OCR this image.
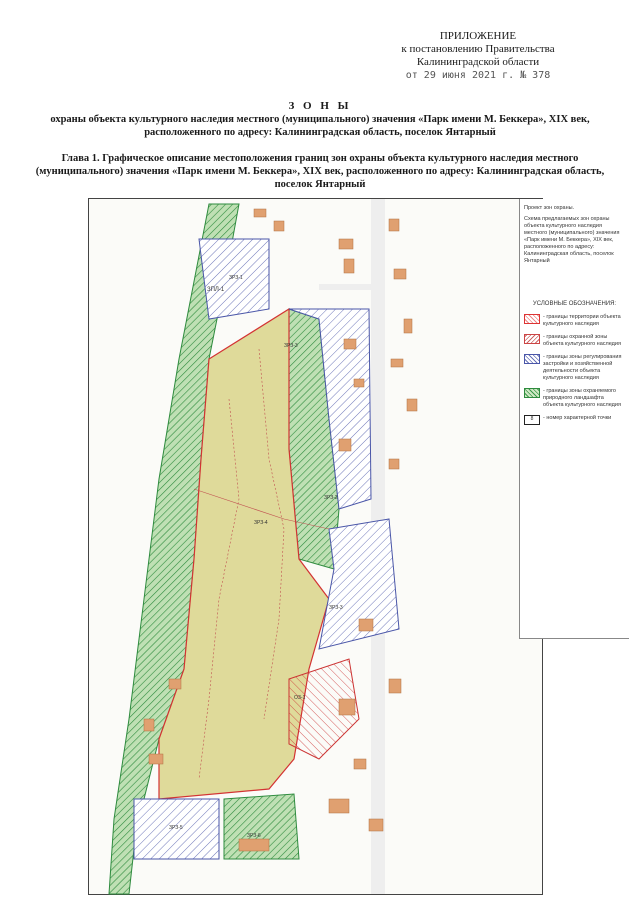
ПРИЛОЖЕНИЕ
к постановлению Правительства
Калининградской области
от 29 июня 2021 г. № 378
З О Н Ы
охраны объекта культурного наследия местного (муниципального) значения «Парк имени М. Беккера», XIX век, расположенного по адресу: Калининградская область, поселок Янтарный
Глава 1. Графическое описание местоположения границ зон охраны объекта культурного наследия местного (муниципального) значения «Парк имени М. Беккера», XIX век, расположенного по адресу: Калининградская область, поселок Янтарный
ЗПЛ-1
ЗРЗ-1
ЗРЗ-3
ЗРЗ-2
ЗРЗ-4
ЗРЗ-3
ОЗ-1
ЗРЗ-5
ЗРЗ-6

Проект зон охраны.

Схема предлагаемых зон охраны объекта культурного наследия местного (муниципального) значения «Парк имени М. Беккера», XIX век, расположенного по адресу: Калининградская область, поселок Янтарный

УСЛОВНЫЕ ОБОЗНАЧЕНИЯ:
- границы территории объекта культурного наследия
- границы охранной зоны объекта культурного наследия
- границы зоны регулирования застройки и хозяйственной деятельности объекта культурного наследия
- границы зоны охраняемого природного ландшафта объекта культурного наследия
8	- номер характерной точки
